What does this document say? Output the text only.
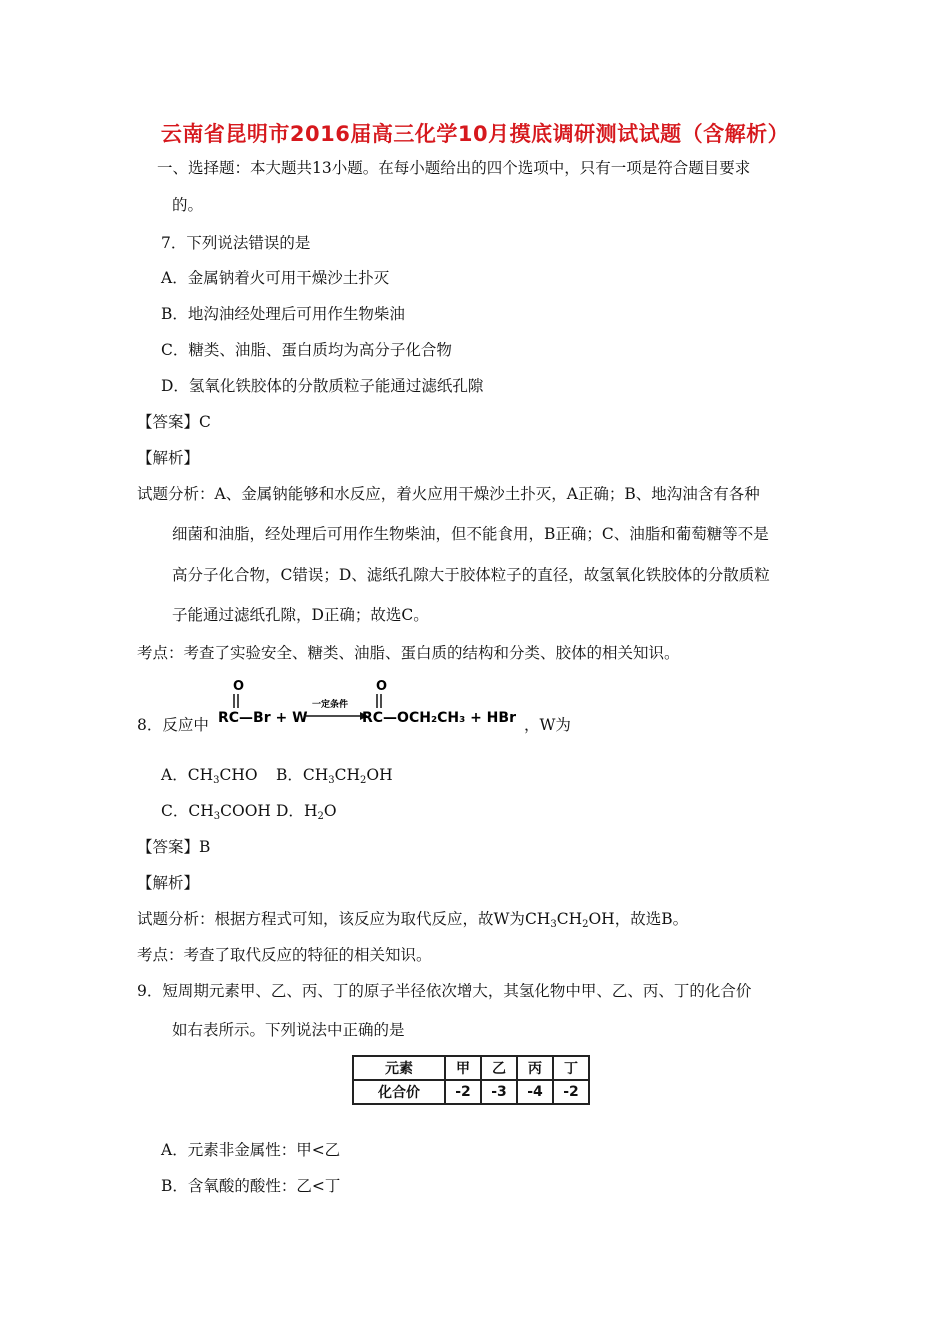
云南省昆明市2016届高三化学10月摸底调研测试试题（含解析）
一、选择题：本大题共13小题。在每小题给出的四个选项中，只有一项是符合题目要求
的。
7．下列说法错误的是
A．金属钠着火可用干燥沙土扑灭
B．地沟油经处理后可用作生物柴油
C．糖类、油脂、蛋白质均为高分子化合物
D．氢氧化铁胶体的分散质粒子能通过滤纸孔隙
【答案】C
【解析】
试题分析：A、金属钠能够和水反应，着火应用干燥沙土扑灭，A正确；B、地沟油含有各种
细菌和油脂，经处理后可用作生物柴油，但不能食用，B正确；C、油脂和葡萄糖等不是
高分子化合物，C错误；D、滤纸孔隙大于胶体粒子的直径，故氢氧化铁胶体的分散质粒
子能通过滤纸孔隙，D正确；故选C。
考点：考查了实验安全、糖类、油脂、蛋白质的结构和分类、胶体的相关知识。
8．反应中
O
RC—Br + W
一定条件
O
RC—OCH₂CH₃ + HBr ，W为
A．$CH_3CHO$ B．$CH_3CH_2OH$
C．$CH_3COOH$ D．$H_2O$
【答案】B
【解析】
试题分析：根据方程式可知，该反应为取代反应，故W为$CH_3CH_2OH$，故选B。
考点：考查了取代反应的特征的相关知识。
9．短周期元素甲、乙、丙、丁的原子半径依次增大，其氢化物中甲、乙、丙、丁的化合价
如右表所示。下列说法中正确的是
元素	甲	乙	丙	丁
化合价	-2	-3	-4	-2
A．元素非金属性：甲<乙
B．含氧酸的酸性：乙<丁
